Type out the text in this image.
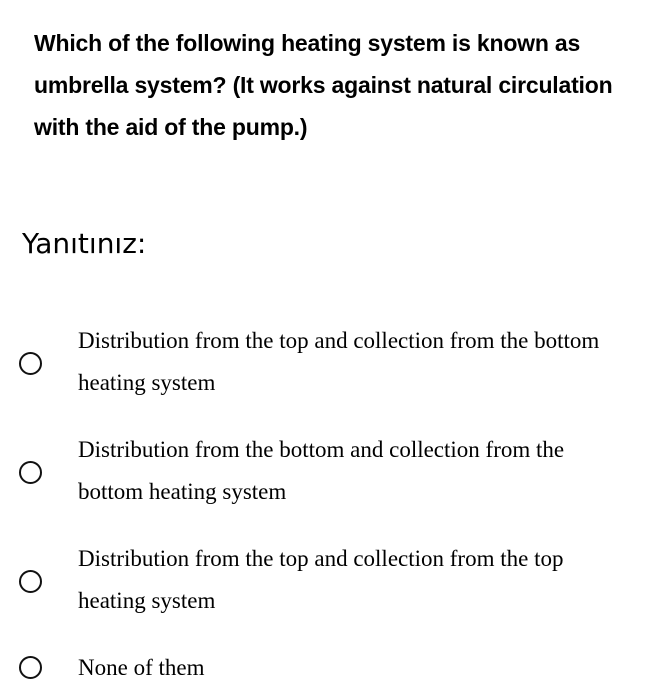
Which of the following heating system is known as umbrella system? (It works against natural circulation with the aid of the pump.)
Yanıtınız:
Distribution from the top and collection from the bottom heating system
Distribution from the bottom and collection from the bottom heating system
Distribution from the top and collection from the top heating system
None of them
